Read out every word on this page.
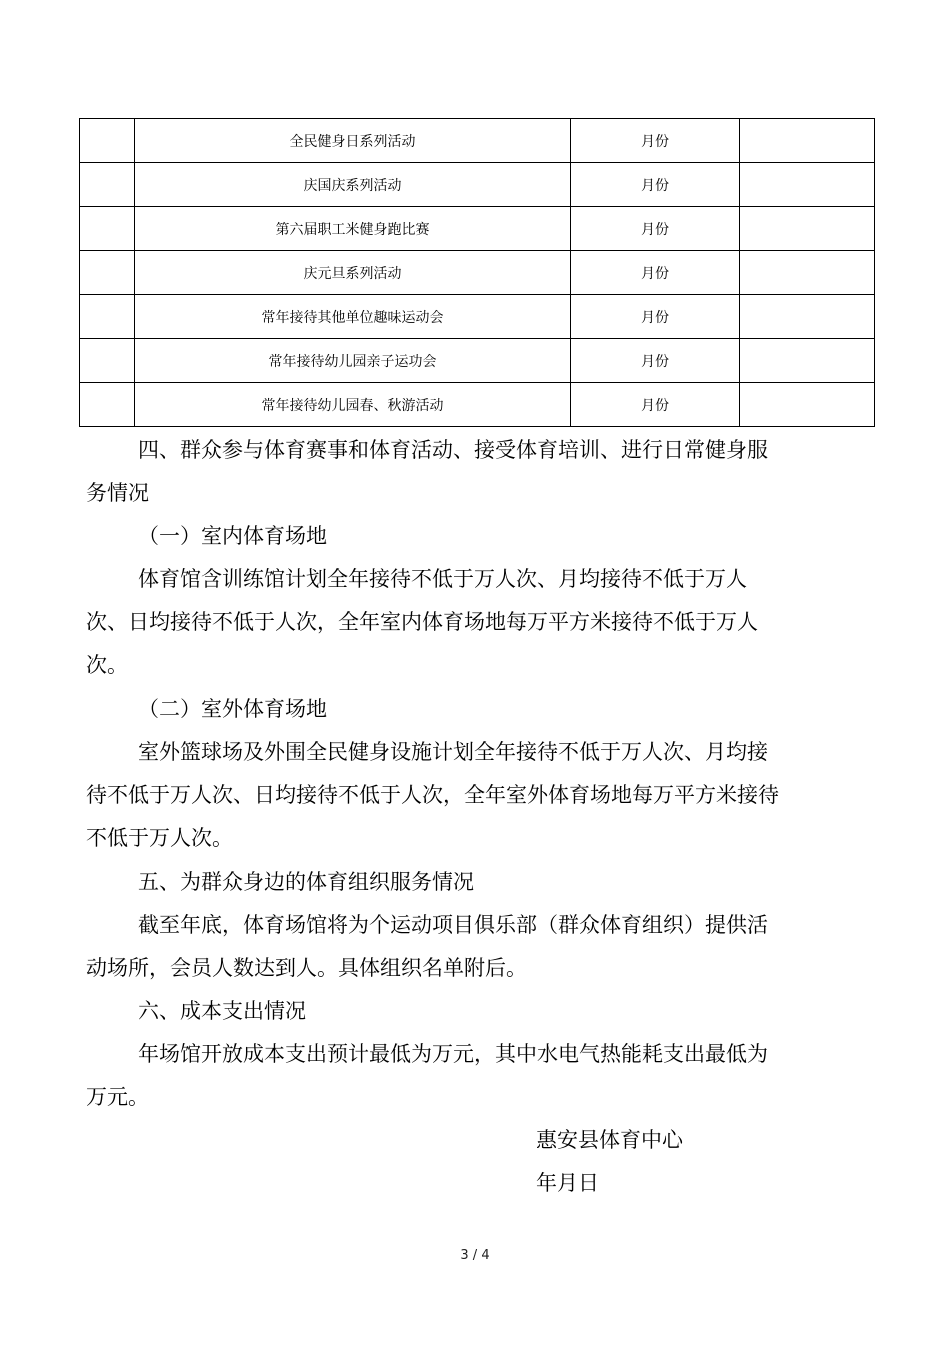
	全民健身日系列活动	月份	
	庆国庆系列活动	月份	
	第六届职工米健身跑比赛	月份	
	庆元旦系列活动	月份	
	常年接待其他单位趣味运动会	月份	
	常年接待幼儿园亲子运功会	月份	
	常年接待幼儿园春、秋游活动	月份	

四、群众参与体育赛事和体育活动、接受体育培训、进行日常健身服务情况

（一）室内体育场地

体育馆含训练馆计划全年接待不低于万人次、月均接待不低于万人次、日均接待不低于人次，全年室内体育场地每万平方米接待不低于万人次。

（二）室外体育场地

室外篮球场及外围全民健身设施计划全年接待不低于万人次、月均接待不低于万人次、日均接待不低于人次，全年室外体育场地每万平方米接待不低于万人次。

五、为群众身边的体育组织服务情况

截至年底，体育场馆将为个运动项目俱乐部（群众体育组织）提供活动场所，会员人数达到人。具体组织名单附后。

六、成本支出情况

年场馆开放成本支出预计最低为万元，其中水电气热能耗支出最低为万元。

惠安县体育中心

年月日

3 / 4
